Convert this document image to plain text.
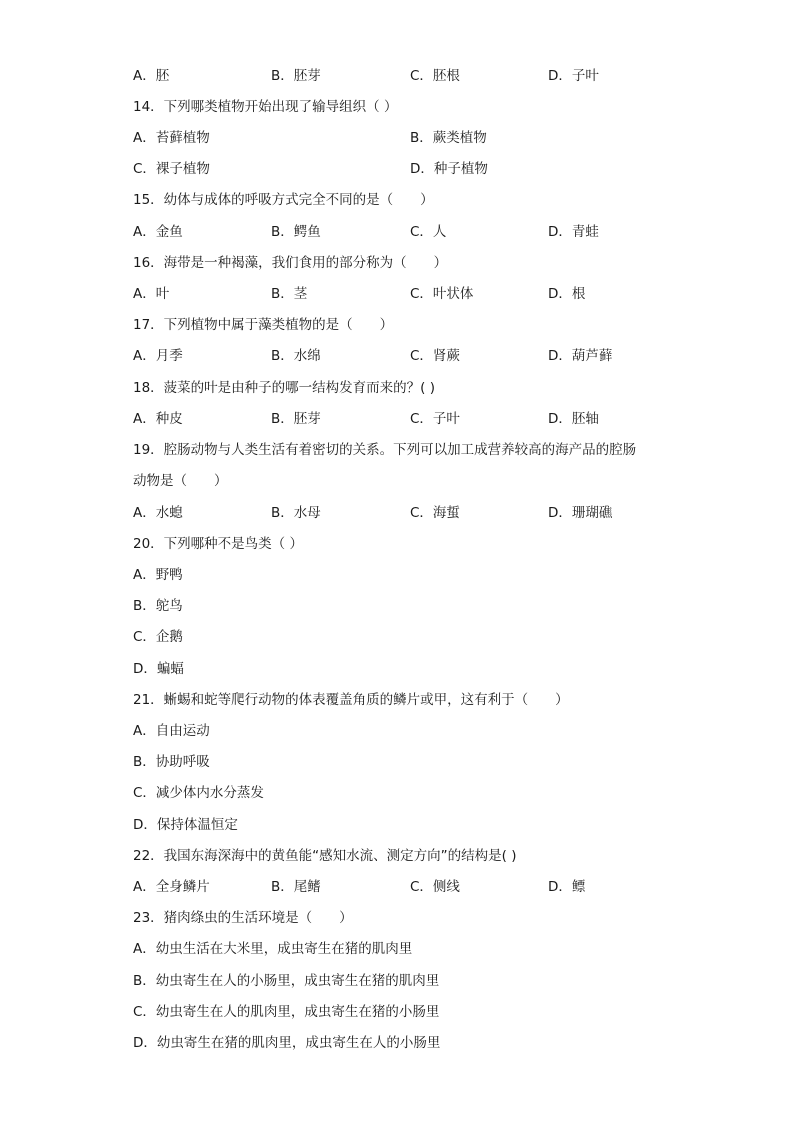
A．胚	B．胚芽	C．胚根	D．子叶
14．下列哪类植物开始出现了输导组织（ ）
A．苔藓植物	B．蕨类植物
C．裸子植物	D．种子植物
15．幼体与成体的呼吸方式完全不同的是（　　）
A．金鱼	B．鳄鱼	C．人	D．青蛙
16．海带是一种褐藻，我们食用的部分称为（　　）
A．叶	B．茎	C．叶状体	D．根
17．下列植物中属于藻类植物的是（　　）
A．月季	B．水绵	C．肾蕨	D．葫芦藓
18．菠菜的叶是由种子的哪一结构发育而来的？( )
A．种皮	B．胚芽	C．子叶	D．胚轴
19．腔肠动物与人类生活有着密切的关系。下列可以加工成营养较高的海产品的腔肠
动物是（　　）
A．水螅	B．水母	C．海蜇	D．珊瑚礁
20．下列哪种不是鸟类（ ）
A．野鸭
B．鸵鸟
C．企鹅
D．蝙蝠
21．蜥蜴和蛇等爬行动物的体表覆盖角质的鳞片或甲，这有利于（　　）
A．自由运动
B．协助呼吸
C．减少体内水分蒸发
D．保持体温恒定
22．我国东海深海中的黄鱼能“感知水流、测定方向”的结构是( )
A．全身鳞片	B．尾鳍	C．侧线	D．鳔
23．猪肉绦虫的生活环境是（　　）
A．幼虫生活在大米里，成虫寄生在猪的肌肉里
B．幼虫寄生在人的小肠里，成虫寄生在猪的肌肉里
C．幼虫寄生在人的肌肉里，成虫寄生在猪的小肠里
D．幼虫寄生在猪的肌肉里，成虫寄生在人的小肠里
